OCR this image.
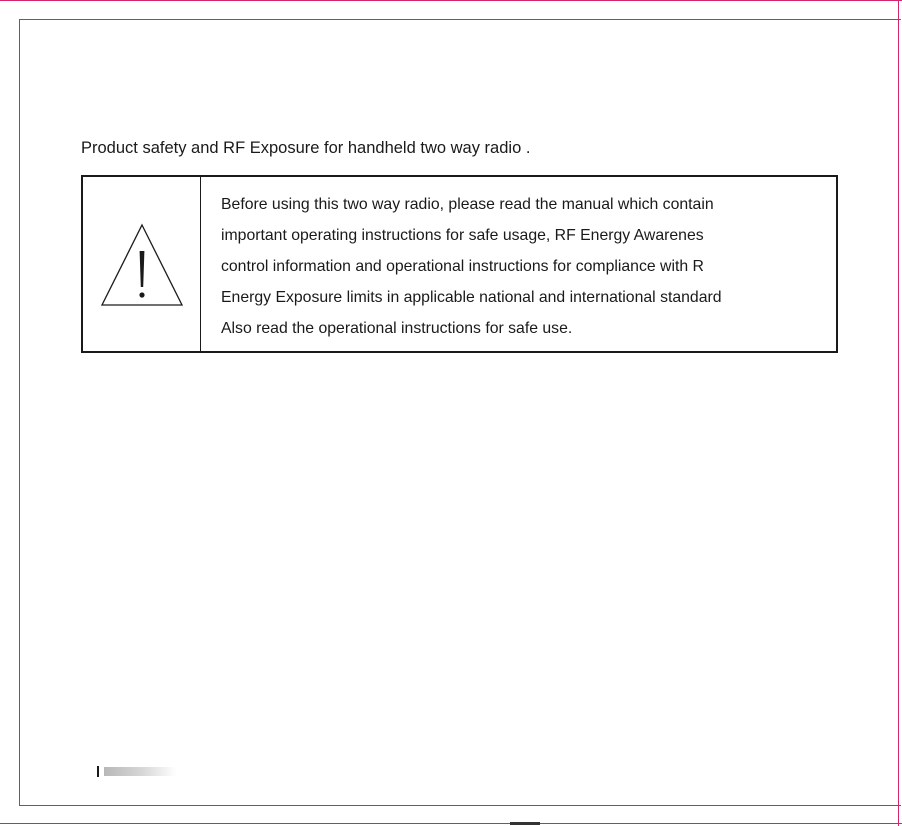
Product safety and RF Exposure for handheld two way radio .
Before using this two way radio, please read the manual which contain
important operating instructions for safe usage, RF Energy Awarenes
control information and operational instructions for compliance with R
Energy Exposure limits in applicable national and international standard
Also read the operational instructions for safe use.
